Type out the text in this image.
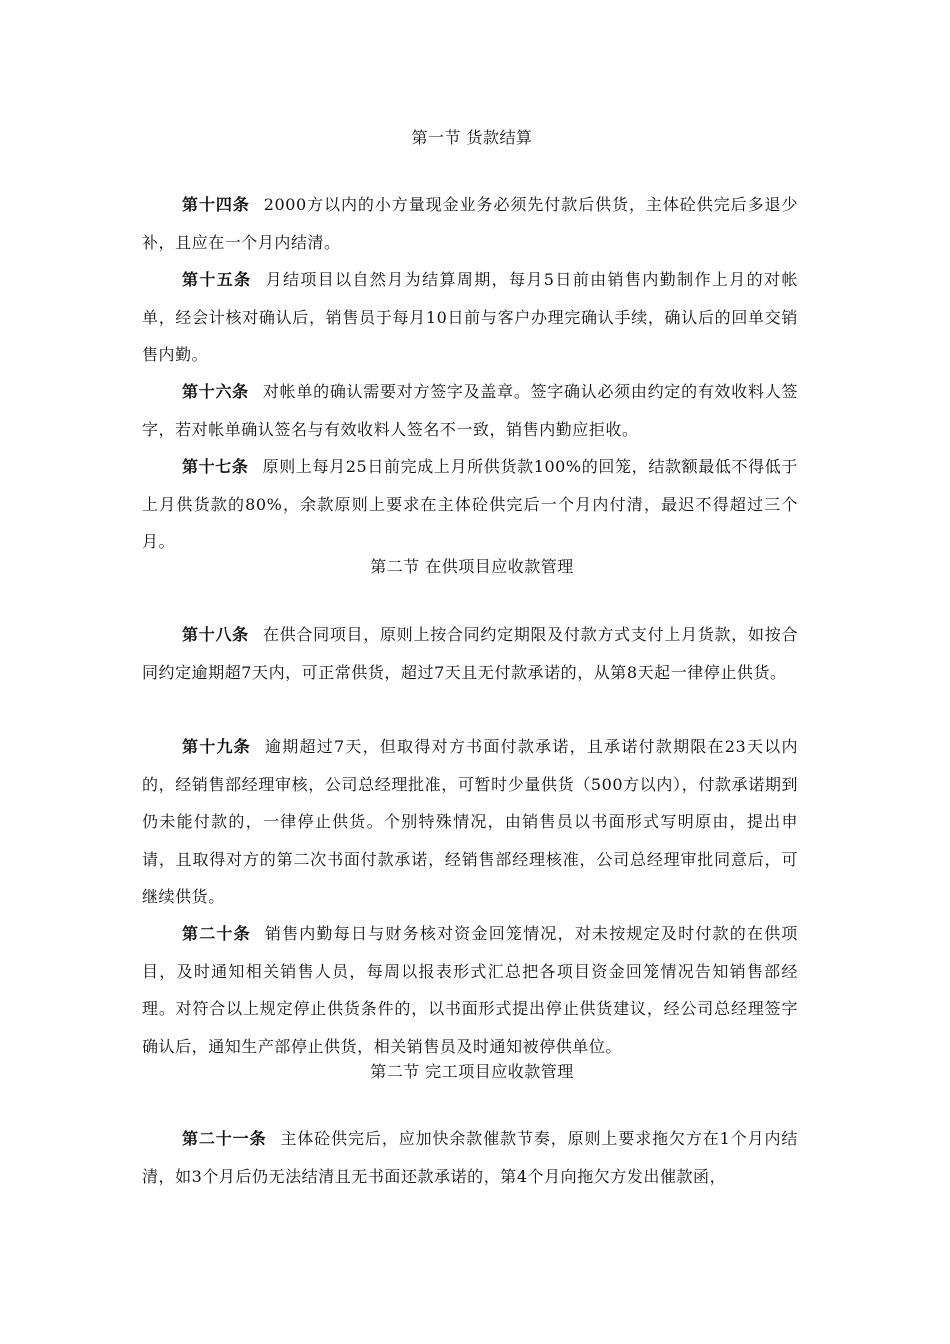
第一节 货款结算

第十四条 2000方以内的小方量现金业务必须先付款后供货，主体砼供完后多退少补，且应在一个月内结清。

第十五条 月结项目以自然月为结算周期，每月5日前由销售内勤制作上月的对帐单，经会计核对确认后，销售员于每月10日前与客户办理完确认手续，确认后的回单交销售内勤。

第十六条 对帐单的确认需要对方签字及盖章。签字确认必须由约定的有效收料人签字，若对帐单确认签名与有效收料人签名不一致，销售内勤应拒收。

第十七条 原则上每月25日前完成上月所供货款100%的回笼，结款额最低不得低于上月供货款的80%，余款原则上要求在主体砼供完后一个月内付清，最迟不得超过三个月。

第二节 在供项目应收款管理

第十八条 在供合同项目，原则上按合同约定期限及付款方式支付上月货款，如按合同约定逾期超7天内，可正常供货，超过7天且无付款承诺的，从第8天起一律停止供货。

第十九条 逾期超过7天，但取得对方书面付款承诺，且承诺付款期限在23天以内的，经销售部经理审核，公司总经理批准，可暂时少量供货（500方以内），付款承诺期到仍未能付款的，一律停止供货。个别特殊情况，由销售员以书面形式写明原由，提出申请，且取得对方的第二次书面付款承诺，经销售部经理核准，公司总经理审批同意后，可继续供货。

第二十条 销售内勤每日与财务核对资金回笼情况，对未按规定及时付款的在供项目，及时通知相关销售人员，每周以报表形式汇总把各项目资金回笼情况告知销售部经理。对符合以上规定停止供货条件的，以书面形式提出停止供货建议，经公司总经理签字确认后，通知生产部停止供货，相关销售员及时通知被停供单位。

第二节 完工项目应收款管理

第二十一条 主体砼供完后，应加快余款催款节奏，原则上要求拖欠方在1个月内结清，如3个月后仍无法结清且无书面还款承诺的，第4个月向拖欠方发出催款函，
